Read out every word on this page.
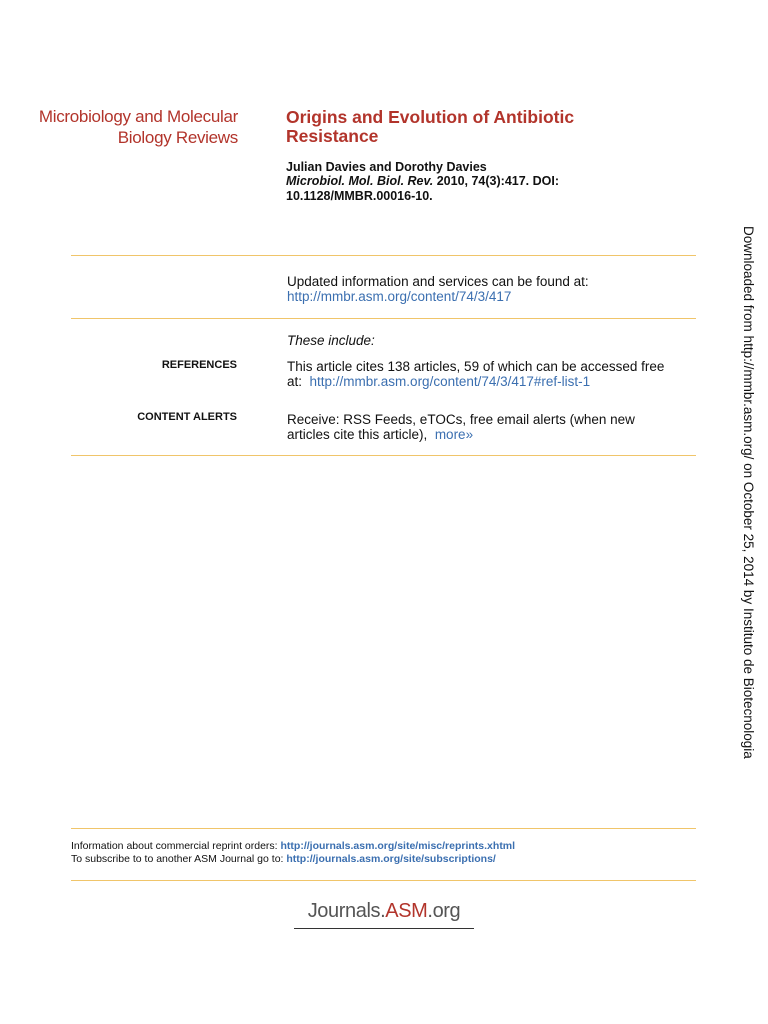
Microbiology and Molecular
Biology Reviews
Origins and Evolution of Antibiotic
Resistance
Julian Davies and Dorothy Davies
Microbiol. Mol. Biol. Rev. 2010, 74(3):417. DOI:
10.1128/MMBR.00016-10.
Updated information and services can be found at:
http://mmbr.asm.org/content/74/3/417
These include:
REFERENCES	This article cites 138 articles, 59 of which can be accessed free
at: http://mmbr.asm.org/content/74/3/417#ref-list-1
CONTENT ALERTS	Receive: RSS Feeds, eTOCs, free email alerts (when new
articles cite this article), more»
Information about commercial reprint orders: http://journals.asm.org/site/misc/reprints.xhtml
To subscribe to to another ASM Journal go to: http://journals.asm.org/site/subscriptions/
Journals.ASM.org
Downloaded from http://mmbr.asm.org/ on October 25, 2014 by Instituto de Biotecnologia
